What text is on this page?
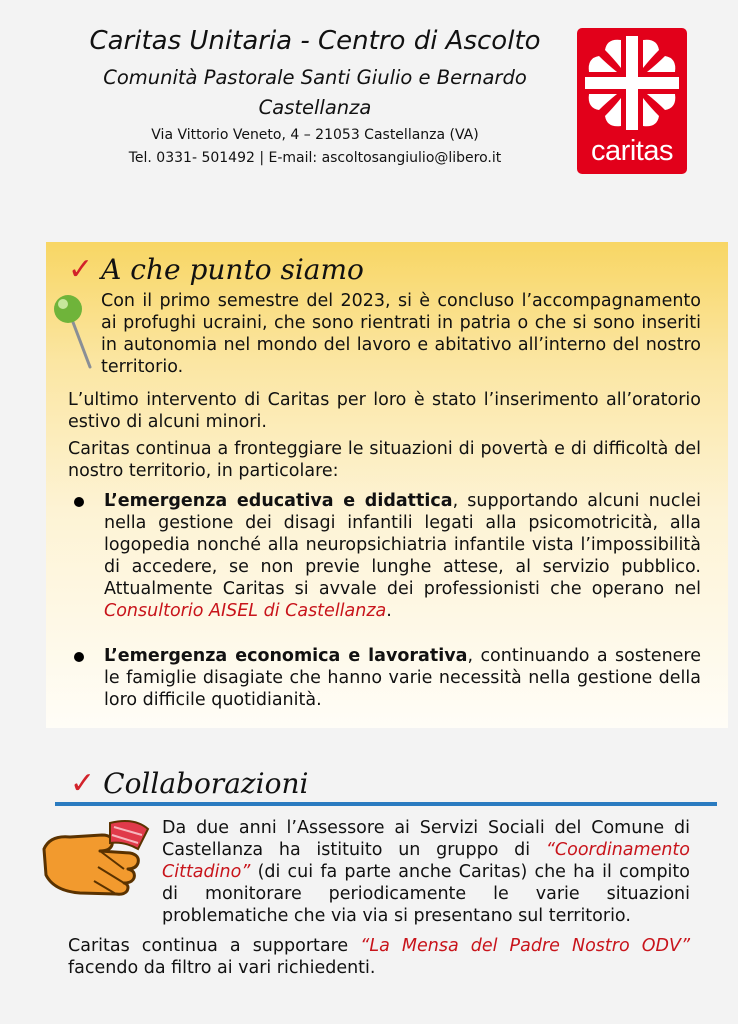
Caritas Unitaria - Centro di Ascolto
Comunità Pastorale Santi Giulio e Bernardo
Castellanza
Via Vittorio Veneto, 4 – 21053 Castellanza (VA)
Tel. 0331- 501492 | E-mail: ascoltosangiulio@libero.it	caritas
✓ A che punto siamo

Con il primo semestre del 2023, si è concluso l’accompagnamento ai profughi ucraini, che sono rientrati in patria o che si sono inseriti in autonomia nel mondo del lavoro e abitativo all’interno del nostro territorio.

L’ultimo intervento di Caritas per loro è stato l’inserimento all’oratorio estivo di alcuni minori.

Caritas continua a fronteggiare le situazioni di povertà e di difficoltà del nostro territorio, in particolare:

L’emergenza educativa e didattica, supportando alcuni nuclei nella gestione dei disagi infantili legati alla psicomotricità, alla logopedia nonché alla neuropsichiatria infantile vista l’impossibilità di accedere, se non previe lunghe attese, al servizio pubblico. Attualmente Caritas si avvale dei professionisti che operano nel Consultorio AISEL di Castellanza.

L’emergenza economica e lavorativa, continuando a sostenere le famiglie disagiate che hanno varie necessità nella gestione della loro difficile quotidianità.

✓ Collaborazioni

Da due anni l’Assessore ai Servizi Sociali del Comune di Castellanza ha istituito un gruppo di “Coordinamento Cittadino” (di cui fa parte anche Caritas) che ha il compito di monitorare periodicamente le varie situazioni problematiche che via via si presentano sul territorio.

Caritas continua a supportare “La Mensa del Padre Nostro ODV” facendo da filtro ai vari richiedenti.
